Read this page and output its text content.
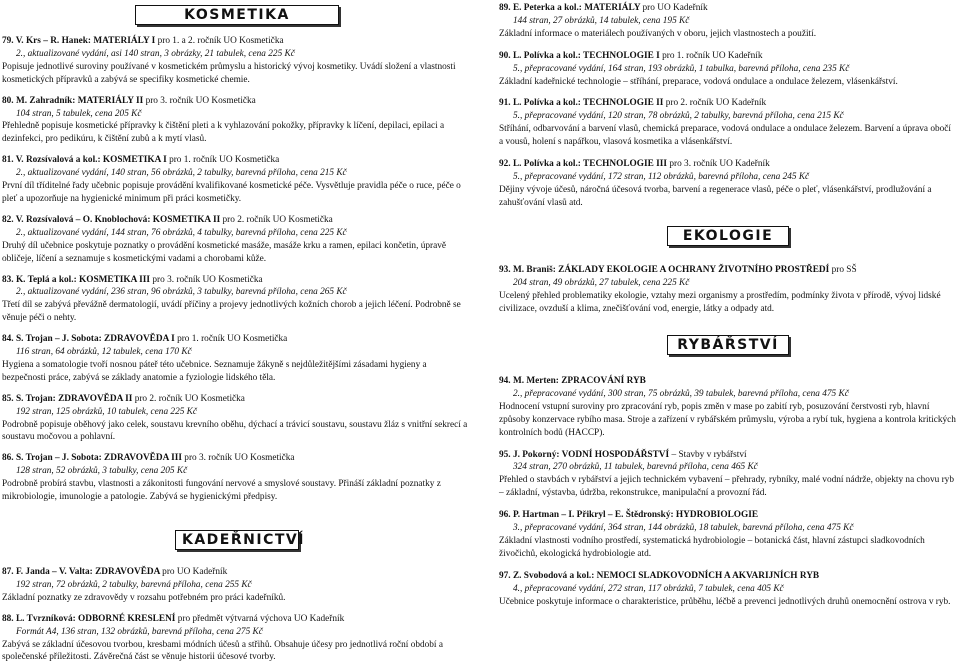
KOSMETIKA

79. V. Krs – R. Hanek: MATERIÁLY I pro 1. a 2. ročník UO Kosmetička
2., aktualizované vydání, asi 140 stran, 3 obrázky, 21 tabulek, cena 225 Kč
Popisuje jednotlivé suroviny používané v kosmetickém průmyslu a historický vývoj kosmetiky. Uvádí složení a vlastnosti kosmetických přípravků a zabývá se specifiky kosmetické chemie.

80. M. Zahradník: MATERIÁLY II pro 3. ročník UO Kosmetička
104 stran, 5 tabulek, cena 205 Kč
Přehledně popisuje kosmetické přípravky k čištění pleti a k vyhlazování pokožky, přípravky k líčení, depilaci, epilaci a dezinfekci, pro pedikúru, k čištění zubů a k mytí vlasů.

81. V. Rozsívalová a kol.: KOSMETIKA I pro 1. ročník UO Kosmetička
2., aktualizované vydání, 140 stran, 56 obrázků, 2 tabulky, barevná příloha, cena 215 Kč
První díl tříditelné řady učebnic popisuje provádění kvalifikované kosmetické péče. Vysvětluje pravidla péče o ruce, péče o pleť a upozorňuje na hygienické minimum při práci kosmetičky.

82. V. Rozsívalová – O. Knoblochová: KOSMETIKA II pro 2. ročník UO Kosmetička
2., aktualizované vydání, 144 stran, 76 obrázků, 4 tabulky, barevná příloha, cena 225 Kč
Druhý díl učebnice poskytuje poznatky o provádění kosmetické masáže, masáže krku a ramen, epilaci končetin, úpravě obličeje, líčení a seznamuje s kosmetickými vadami a chorobami kůže.

83. K. Teplá a kol.: KOSMETIKA III pro 3. ročník UO Kosmetička
2., aktualizované vydání, 236 stran, 96 obrázků, 3 tabulky, barevná příloha, cena 265 Kč
Třetí díl se zabývá převážně dermatologií, uvádí příčiny a projevy jednotlivých kožních chorob a jejich léčení. Podrobně se věnuje péči o nehty.

84. S. Trojan – J. Sobota: ZDRAVOVĚDA I pro 1. ročník UO Kosmetička
116 stran, 64 obrázků, 12 tabulek, cena 170 Kč
Hygiena a somatologie tvoří nosnou páteř této učebnice. Seznamuje žákyně s nejdůležitějšími zásadami hygieny a bezpečnosti práce, zabývá se základy anatomie a fyziologie lidského těla.

85. S. Trojan: ZDRAVOVĚDA II pro 2. ročník UO Kosmetička
192 stran, 125 obrázků, 10 tabulek, cena 225 Kč
Podrobně popisuje oběhový jako celek, soustavu krevního oběhu, dýchací a trávicí soustavu, soustavu žláz s vnitřní sekrecí a soustavu močovou a pohlavní.

86. S. Trojan – J. Sobota: ZDRAVOVĚDA III pro 3. ročník UO Kosmetička
128 stran, 52 obrázků, 3 tabulky, cena 205 Kč
Podrobně probírá stavbu, vlastnosti a zákonitosti fungování nervové a smyslové soustavy. Přináší základní poznatky z mikrobiologie, imunologie a patologie. Zabývá se hygienickými předpisy.

KADEŘNICTVÍ

87. F. Janda – V. Valta: ZDRAVOVĚDA pro UO Kadeřník
192 stran, 72 obrázků, 2 tabulky, barevná příloha, cena 255 Kč
Základní poznatky ze zdravovědy v rozsahu potřebném pro práci kadeřníků.

88. L. Tvrzníková: ODBORNÉ KRESLENÍ pro předmět výtvarná výchova UO Kadeřník
Formát A4, 136 stran, 132 obrázků, barevná příloha, cena 275 Kč
Zabývá se základní účesovou tvorbou, kresbami módních účesů a střihů. Obsahuje účesy pro jednotlivá roční období a společenské příležitosti. Závěrečná část se věnuje historii účesové tvorby.

89. E. Peterka a kol.: MATERIÁLY pro UO Kadeřník
144 stran, 27 obrázků, 14 tabulek, cena 195 Kč
Základní informace o materiálech používaných v oboru, jejich vlastnostech a použití.

90. L. Polívka a kol.: TECHNOLOGIE I pro 1. ročník UO Kadeřník
5., přepracované vydání, 164 stran, 193 obrázků, 1 tabulka, barevná příloha, cena 235 Kč
Základní kadeřnické technologie – stříhání, preparace, vodová ondulace a ondulace železem, vlásenkářství.

91. L. Polívka a kol.: TECHNOLOGIE II pro 2. ročník UO Kadeřník
5., přepracované vydání, 120 stran, 78 obrázků, 2 tabulky, barevná příloha, cena 215 Kč
Stříhání, odbarvování a barvení vlasů, chemická preparace, vodová ondulace a ondulace železem. Barvení a úprava obočí a vousů, holení s napářkou, vlasová kosmetika a vlásenkářství.

92. L. Polívka a kol.: TECHNOLOGIE III pro 3. ročník UO Kadeřník
5., přepracované vydání, 172 stran, 112 obrázků, barevná příloha, cena 245 Kč
Dějiny vývoje účesů, náročná účesová tvorba, barvení a regenerace vlasů, péče o pleť, vlásenkářství, prodlužování a zahušťování vlasů atd.

EKOLOGIE

93. M. Braniš: ZÁKLADY EKOLOGIE A OCHRANY ŽIVOTNÍHO PROSTŘEDÍ pro SŠ
204 stran, 49 obrázků, 27 tabulek, cena 225 Kč
Ucelený přehled problematiky ekologie, vztahy mezi organismy a prostředím, podmínky života v přírodě, vývoj lidské civilizace, ovzduší a klima, znečišťování vod, energie, látky a odpady atd.

RYBÁŘSTVÍ

94. M. Merten: ZPRACOVÁNÍ RYB
2., přepracované vydání, 300 stran, 75 obrázků, 39 tabulek, barevná příloha, cena 475 Kč
Hodnocení vstupní suroviny pro zpracování ryb, popis změn v mase po zabití ryb, posuzování čerstvosti ryb, hlavní způsoby konzervace rybího masa. Stroje a zařízení v rybářském průmyslu, výroba a rybí tuk, hygiena a kontrola kritických kontrolních bodů (HACCP).

95. J. Pokorný: VODNÍ HOSPODÁŘSTVÍ – Stavby v rybářství
324 stran, 270 obrázků, 11 tabulek, barevná příloha, cena 465 Kč
Přehled o stavbách v rybářství a jejich technickém vybavení – přehrady, rybníky, malé vodní nádrže, objekty na chovu ryb – základní, výstavba, údržba, rekonstrukce, manipulační a provozní řád.

96. P. Hartman – I. Přikryl – E. Štědronský: HYDROBIOLOGIE
3., přepracované vydání, 364 stran, 144 obrázků, 18 tabulek, barevná příloha, cena 475 Kč
Základní vlastnosti vodního prostředí, systematická hydrobiologie – botanická část, hlavní zástupci sladkovodních živočichů, ekologická hydrobiologie atd.

97. Z. Svobodová a kol.: NEMOCI SLADKOVODNÍCH A AKVARIJNÍCH RYB
4., přepracované vydání, 272 stran, 117 obrázků, 7 tabulek, cena 405 Kč
Učebnice poskytuje informace o charakteristice, průběhu, léčbě a prevenci jednotlivých druhů onemocnění ostrova v ryb.
